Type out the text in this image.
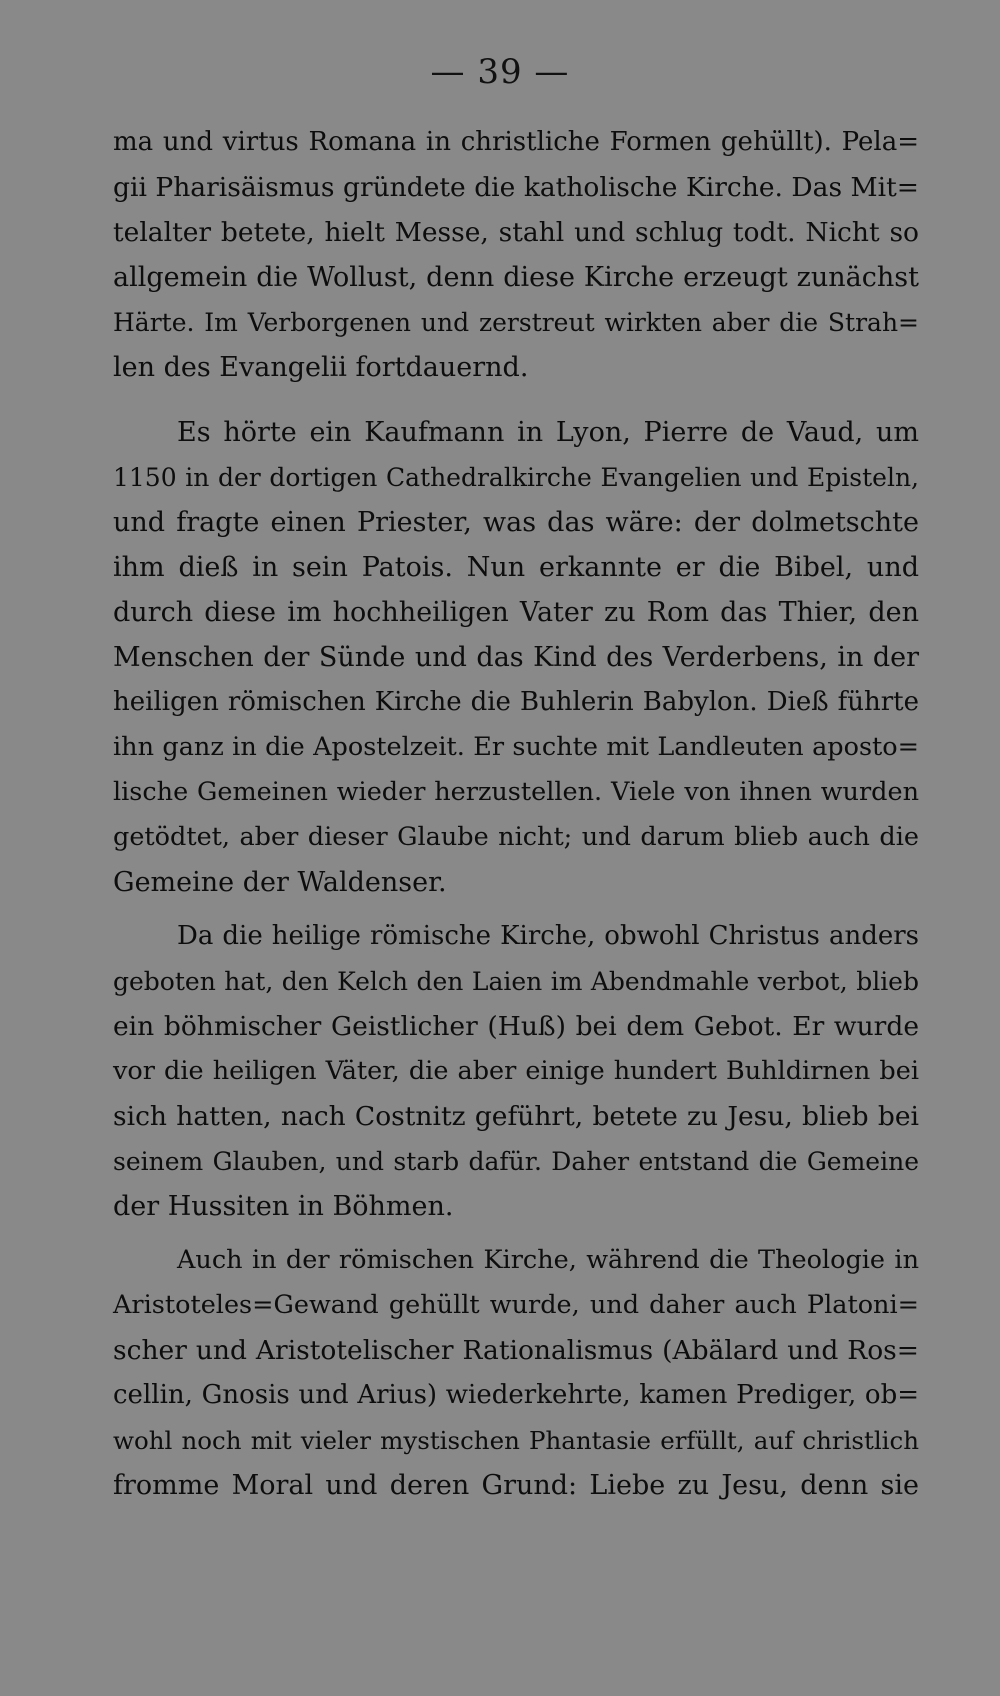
— 39 —
ma und virtus Romana in christliche Formen gehüllt). Pela=
gii Pharisäismus gründete die katholische Kirche. Das Mit=
telalter betete, hielt Messe, stahl und schlug todt. Nicht so
allgemein die Wollust, denn diese Kirche erzeugt zunächst
Härte. Im Verborgenen und zerstreut wirkten aber die Strah=
len des Evangelii fortdauernd.
Es hörte ein Kaufmann in Lyon, Pierre de Vaud, um
1150 in der dortigen Cathedralkirche Evangelien und Episteln,
und fragte einen Priester, was das wäre: der dolmetschte
ihm dieß in sein Patois. Nun erkannte er die Bibel, und
durch diese im hochheiligen Vater zu Rom das Thier, den
Menschen der Sünde und das Kind des Verderbens, in der
heiligen römischen Kirche die Buhlerin Babylon. Dieß führte
ihn ganz in die Apostelzeit. Er suchte mit Landleuten aposto=
lische Gemeinen wieder herzustellen. Viele von ihnen wurden
getödtet, aber dieser Glaube nicht; und darum blieb auch die
Gemeine der Waldenser.
Da die heilige römische Kirche, obwohl Christus anders
geboten hat, den Kelch den Laien im Abendmahle verbot, blieb
ein böhmischer Geistlicher (Huß) bei dem Gebot. Er wurde
vor die heiligen Väter, die aber einige hundert Buhldirnen bei
sich hatten, nach Costnitz geführt, betete zu Jesu, blieb bei
seinem Glauben, und starb dafür. Daher entstand die Gemeine
der Hussiten in Böhmen.
Auch in der römischen Kirche, während die Theologie in
Aristoteles=Gewand gehüllt wurde, und daher auch Platoni=
scher und Aristotelischer Rationalismus (Abälard und Ros=
cellin, Gnosis und Arius) wiederkehrte, kamen Prediger, ob=
wohl noch mit vieler mystischen Phantasie erfüllt, auf christlich
fromme Moral und deren Grund: Liebe zu Jesu, denn sie
